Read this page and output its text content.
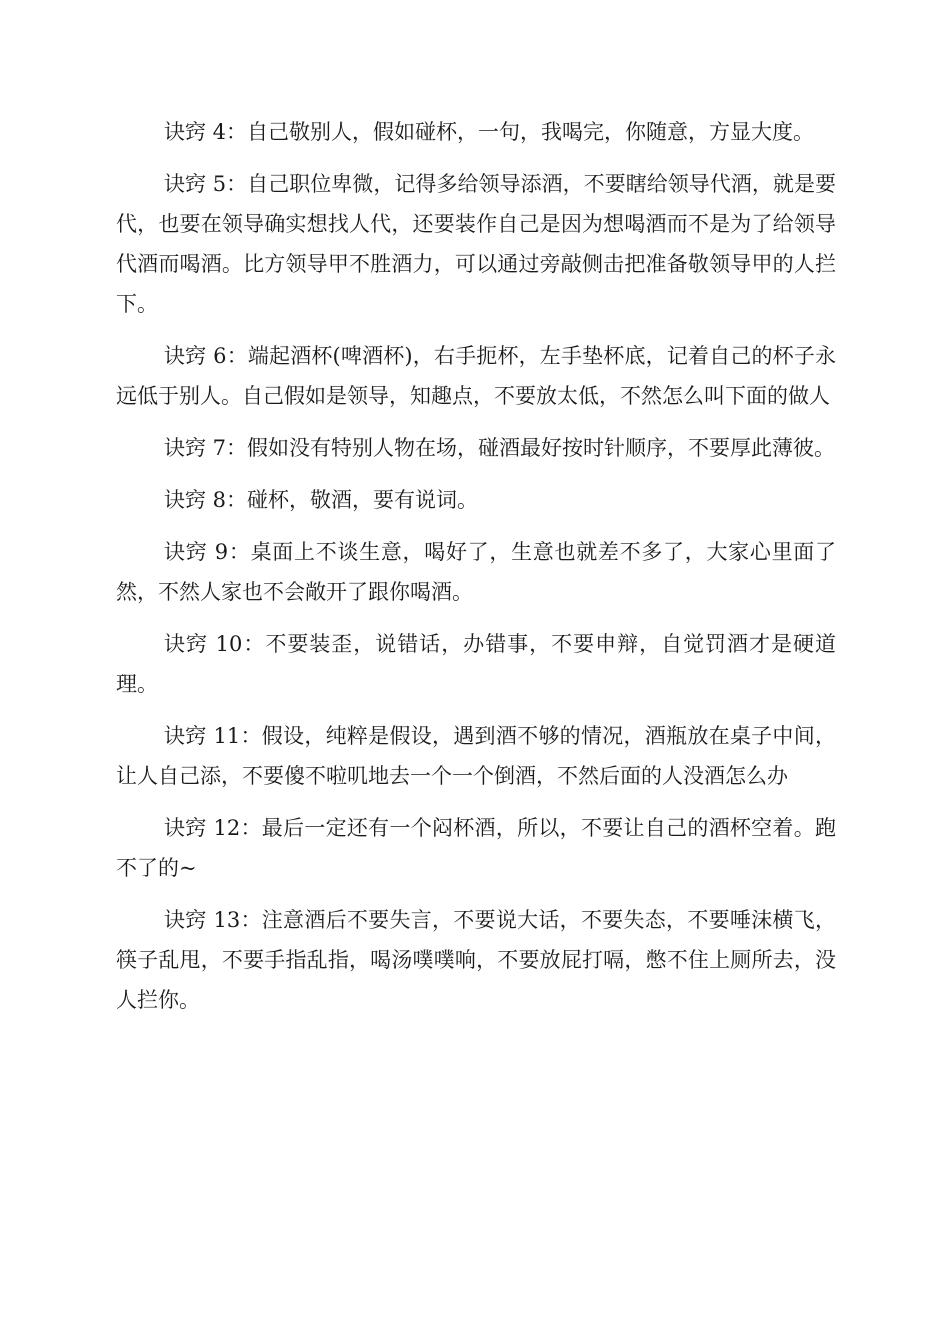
诀窍 4：自己敬别人，假如碰杯，一句，我喝完，你随意，方显大度。

诀窍 5：自己职位卑微，记得多给领导添酒，不要瞎给领导代酒，就是要代，也要在领导确实想找人代，还要装作自己是因为想喝酒而不是为了给领导代酒而喝酒。比方领导甲不胜酒力，可以通过旁敲侧击把准备敬领导甲的人拦下。

诀窍 6：端起酒杯(啤酒杯)，右手扼杯，左手垫杯底，记着自己的杯子永远低于别人。自己假如是领导，知趣点，不要放太低，不然怎么叫下面的做人

诀窍 7：假如没有特别人物在场，碰酒最好按时针顺序，不要厚此薄彼。

诀窍 8：碰杯，敬酒，要有说词。

诀窍 9：桌面上不谈生意，喝好了，生意也就差不多了，大家心里面了然，不然人家也不会敞开了跟你喝酒。

诀窍 10：不要装歪，说错话，办错事，不要申辩，自觉罚酒才是硬道理。

诀窍 11：假设，纯粹是假设，遇到酒不够的情况，酒瓶放在桌子中间，让人自己添，不要傻不啦叽地去一个一个倒酒，不然后面的人没酒怎么办

诀窍 12：最后一定还有一个闷杯酒，所以，不要让自己的酒杯空着。跑不了的~

诀窍 13：注意酒后不要失言，不要说大话，不要失态，不要唾沫横飞，筷子乱甩，不要手指乱指，喝汤噗噗响，不要放屁打嗝，憋不住上厕所去，没人拦你。
